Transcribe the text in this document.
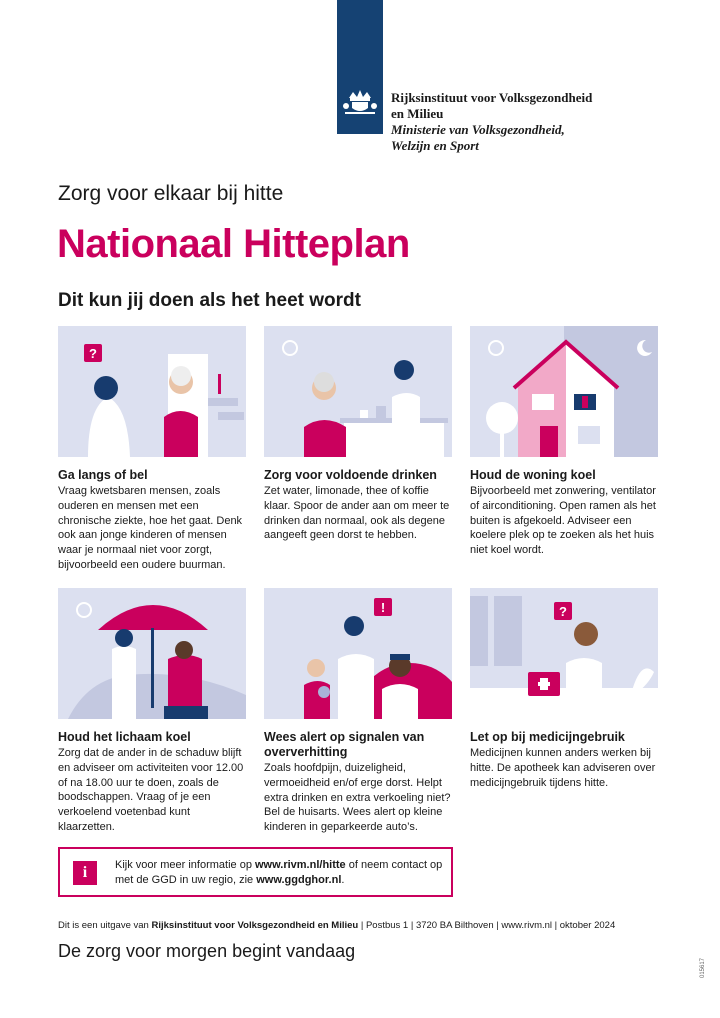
Rijksinstituut voor Volksgezondheid
en Milieu
Ministerie van Volksgezondheid,
Welzijn en Sport
Zorg voor elkaar bij hitte
Nationaal Hitteplan
Dit kun jij doen als het heet wordt
?
Ga langs of bel
Vraag kwetsbaren mensen, zoals ouderen en mensen met een chronische ziekte, hoe het gaat. Denk ook aan jonge kinderen of mensen waar je normaal niet voor zorgt, bijvoorbeeld een oudere buurman.
Zorg voor voldoende drinken
Zet water, limonade, thee of koffie klaar. Spoor de ander aan om meer te drinken dan normaal, ook als degene aangeeft geen dorst te hebben.
Houd de woning koel
Bijvoorbeeld met zonwering, ventilator of airconditioning. Open ramen als het buiten is afgekoeld. Adviseer een koelere plek op te zoeken als het huis niet koel wordt.
Houd het lichaam koel
Zorg dat de ander in de schaduw blijft en adviseer om activiteiten voor 12.00 of na 18.00 uur te doen, zoals de boodschappen. Vraag of je een verkoelend voetenbad kunt klaarzetten.
!
Wees alert op signalen van oververhitting
Zoals hoofdpijn, duizeligheid, vermoeidheid en/of erge dorst. Helpt extra drinken en extra verkoeling niet? Bel de huisarts. Wees alert op kleine kinderen in geparkeerde auto’s.
?
Let op bij medicijngebruik
Medicijnen kunnen anders werken bij hitte. De apotheek kan adviseren over medicijngebruik tijdens hitte.
i	Kijk voor meer informatie op www.rivm.nl/hitte of neem contact op met de GGD in uw regio, zie www.ggdghor.nl.
Dit is een uitgave van Rijksinstituut voor Volksgezondheid en Milieu | Postbus 1 | 3720 BA Bilthoven | www.rivm.nl | oktober 2024
De zorg voor morgen begint vandaag
015617
